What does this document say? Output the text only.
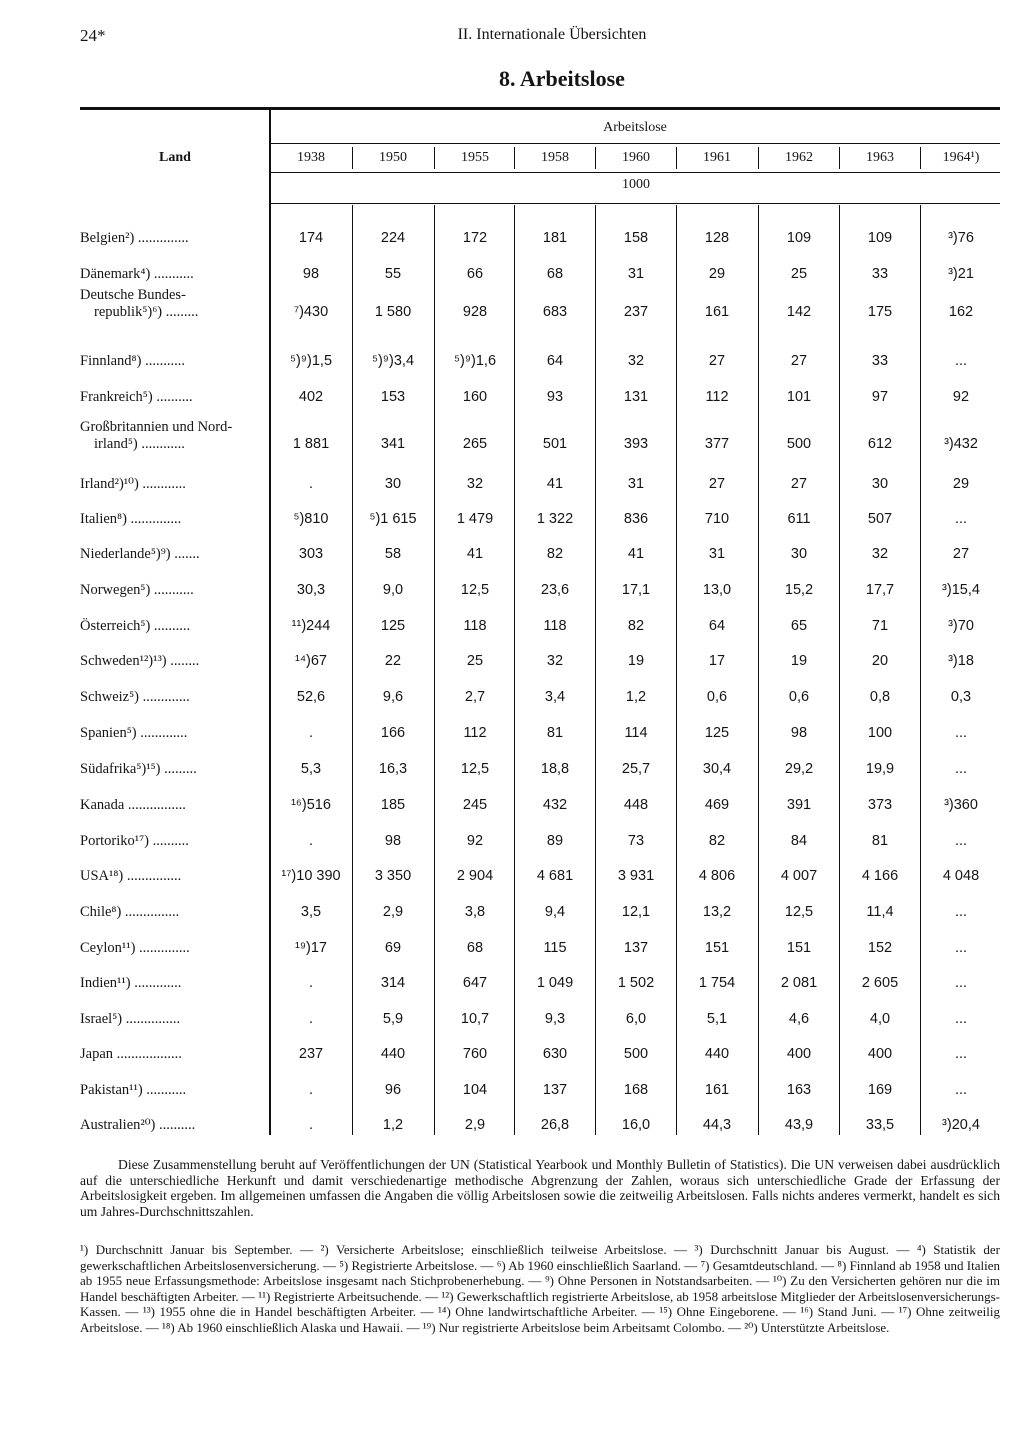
24*	II. Internationale Übersichten
8. Arbeitslose
Land
Arbeitslose
1938	1950	1955	1958	1960	1961	1962	1963	1964¹)
1000
Belgien²) ..............	174	224	172	181	158	128	109	109	³)76
Dänemark⁴) ...........	98	55	66	68	31	29	25	33	³)21
Deutsche Bundes-
republik⁵)⁶) .........	⁷)430	1 580	928	683	237	161	142	175	162
Finnland⁸) ...........	⁵)⁹)1,5	⁵)⁹)3,4	⁵)⁹)1,6	64	32	27	27	33	...
Frankreich⁵) ..........	402	153	160	93	131	112	101	97	92
Großbritannien und Nord-
irland⁵) ............	1 881	341	265	501	393	377	500	612	³)432
Irland²)¹⁰) ............	.	30	32	41	31	27	27	30	29
Italien⁸) ..............	⁵)810	⁵)1 615	1 479	1 322	836	710	611	507	...
Niederlande⁵)⁹) .......	303	58	41	82	41	31	30	32	27
Norwegen⁵) ...........	30,3	9,0	12,5	23,6	17,1	13,0	15,2	17,7	³)15,4
Österreich⁵) ..........	¹¹)244	125	118	118	82	64	65	71	³)70
Schweden¹²)¹³) ........	¹⁴)67	22	25	32	19	17	19	20	³)18
Schweiz⁵) .............	52,6	9,6	2,7	3,4	1,2	0,6	0,6	0,8	0,3
Spanien⁵) .............	.	166	112	81	114	125	98	100	...
Südafrika⁵)¹⁵) .........	5,3	16,3	12,5	18,8	25,7	30,4	29,2	19,9	...
Kanada ................	¹⁶)516	185	245	432	448	469	391	373	³)360
Portoriko¹⁷) ..........	.	98	92	89	73	82	84	81	...
USA¹⁸) ...............	¹⁷)10 390	3 350	2 904	4 681	3 931	4 806	4 007	4 166	4 048
Chile⁸) ...............	3,5	2,9	3,8	9,4	12,1	13,2	12,5	11,4	...
Ceylon¹¹) ..............	¹⁹)17	69	68	115	137	151	151	152	...
Indien¹¹) .............	.	314	647	1 049	1 502	1 754	2 081	2 605	...
Israel⁵) ...............	.	5,9	10,7	9,3	6,0	5,1	4,6	4,0	...
Japan ..................	237	440	760	630	500	440	400	400	...
Pakistan¹¹) ...........	.	96	104	137	168	161	163	169	...
Australien²⁰) ..........	.	1,2	2,9	26,8	16,0	44,3	43,9	33,5	³)20,4
Diese Zusammenstellung beruht auf Veröffentlichungen der UN (Statistical Yearbook und Monthly Bulletin of Statistics). Die UN verweisen dabei ausdrücklich auf die unterschiedliche Herkunft und damit verschiedenartige methodische Abgrenzung der Zahlen, woraus sich unterschiedliche Grade der Erfassung der Arbeitslosigkeit ergeben. Im allgemeinen umfassen die Angaben die völlig Arbeitslosen sowie die zeitweilig Arbeitslosen. Falls nichts anderes vermerkt, handelt es sich um Jahres-Durchschnittszahlen.
¹) Durchschnitt Januar bis September. — ²) Versicherte Arbeitslose; einschließlich teilweise Arbeitslose. — ³) Durchschnitt Januar bis August. — ⁴) Statistik der gewerkschaftlichen Arbeitslosenversicherung. — ⁵) Registrierte Arbeitslose. — ⁶) Ab 1960 einschließlich Saarland. — ⁷) Gesamtdeutschland. — ⁸) Finnland ab 1958 und Italien ab 1955 neue Erfassungsmethode: Arbeitslose insgesamt nach Stichprobenerhebung. — ⁹) Ohne Personen in Notstandsarbeiten. — ¹⁰) Zu den Versicherten gehören nur die im Handel beschäftigten Arbeiter. — ¹¹) Registrierte Arbeitsuchende. — ¹²) Gewerkschaftlich registrierte Arbeitslose, ab 1958 arbeitslose Mitglieder der Arbeitslosenversicherungs-Kassen. — ¹³) 1955 ohne die in Handel beschäftigten Arbeiter. — ¹⁴) Ohne landwirtschaftliche Arbeiter. — ¹⁵) Ohne Eingeborene. — ¹⁶) Stand Juni. — ¹⁷) Ohne zeitweilig Arbeitslose. — ¹⁸) Ab 1960 einschließlich Alaska und Hawaii. — ¹⁹) Nur registrierte Arbeitslose beim Arbeitsamt Colombo. — ²⁰) Unterstützte Arbeitslose.
